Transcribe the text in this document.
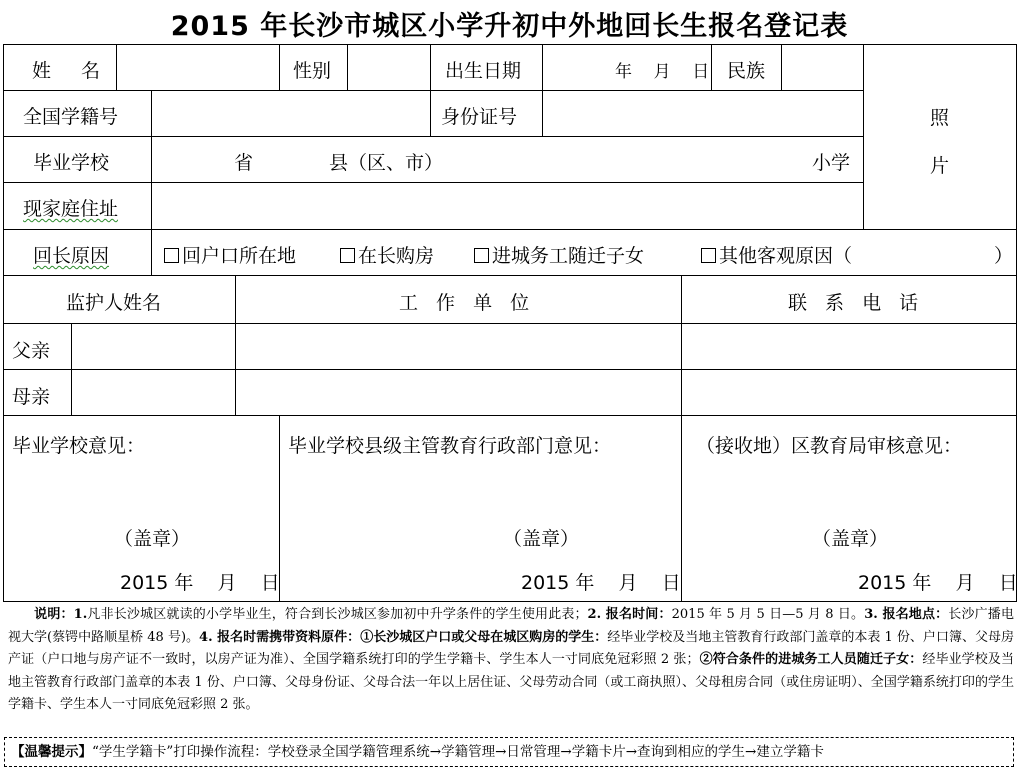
2015 年长沙市城区小学升初中外地回长生报名登记表
姓 名	性别	出生日期	年    月    日 民族
照
片
全国学籍号	身份证号
毕业学校	省	县（区、市）	小学
现家庭住址
回长原因	回户口所在地	在长购房	进城务工随迁子女	其他客观原因（	）
监护人姓名	工 作 单 位	联 系 电 话
父亲
母亲
毕业学校意见：
（盖章）
2015 年    月    日
毕业学校县级主管教育行政部门意见：
（盖章）
2015 年    月    日
（接收地）区教育局审核意见：
（盖章）
2015 年    月    日
说明：1.凡非长沙城区就读的小学毕业生，符合到长沙城区参加初中升学条件的学生使用此表；2. 报名时间：2015 年 5 月 5 日—5 月 8 日。3. 报名地点：长沙广播电视大学(蔡锷中路顺星桥 48 号)。4. 报名时需携带资料原件：①长沙城区户口或父母在城区购房的学生：经毕业学校及当地主管教育行政部门盖章的本表 1 份、户口簿、父母房产证（户口地与房产证不一致时，以房产证为准）、全国学籍系统打印的学生学籍卡、学生本人一寸同底免冠彩照 2 张；②符合条件的进城务工人员随迁子女：经毕业学校及当地主管教育行政部门盖章的本表 1 份、户口簿、父母身份证、父母合法一年以上居住证、父母劳动合同（或工商执照）、父母租房合同（或住房证明）、全国学籍系统打印的学生学籍卡、学生本人一寸同底免冠彩照 2 张。
【温馨提示】“学生学籍卡”打印操作流程：学校登录全国学籍管理系统→学籍管理→日常管理→学籍卡片→查询到相应的学生→建立学籍卡
